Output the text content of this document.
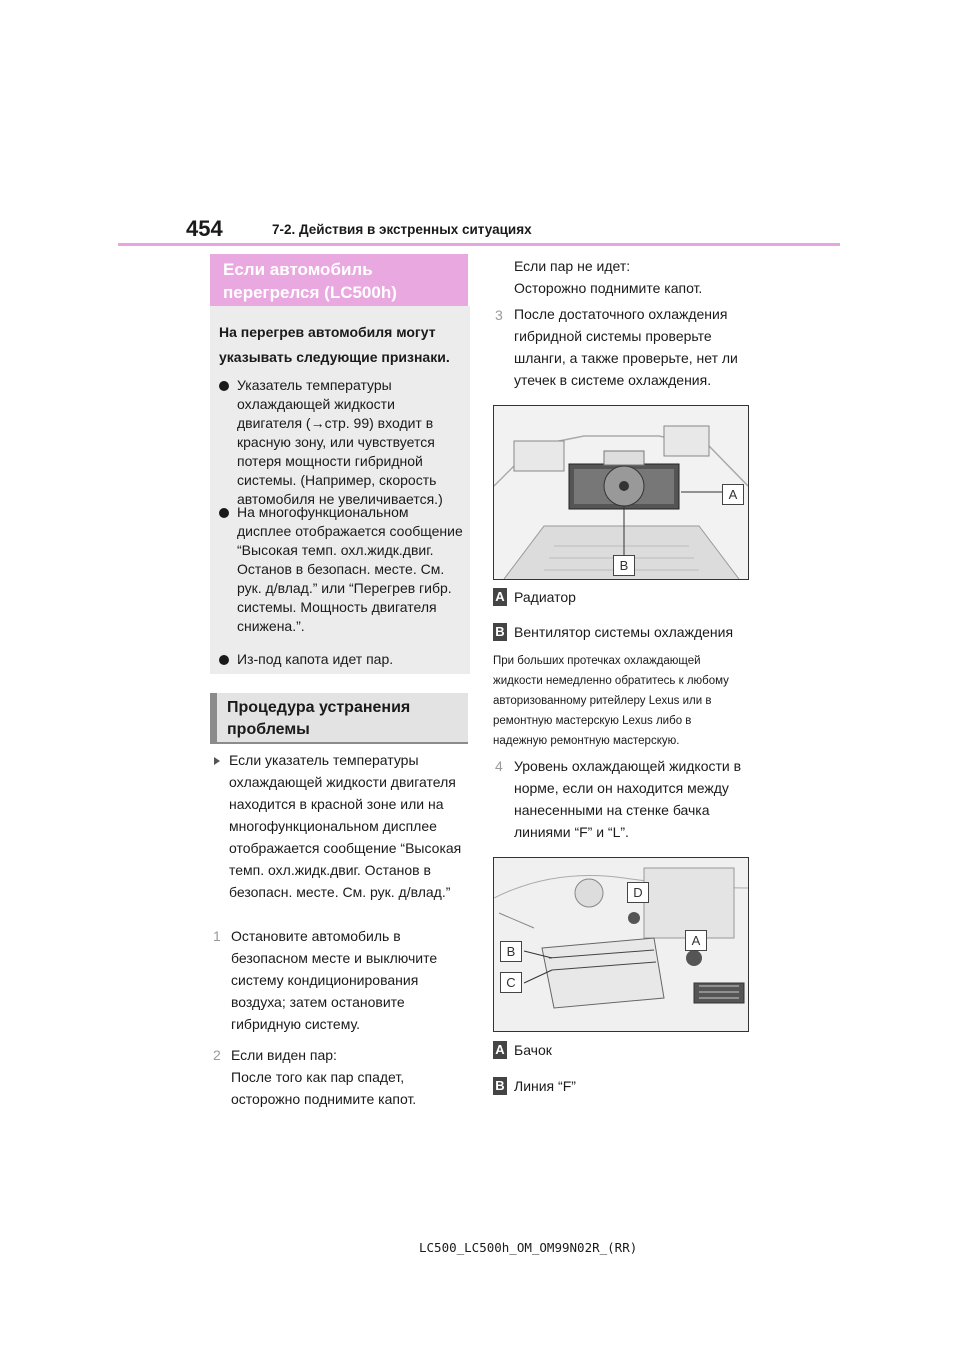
454	7-2. Действия в экстренных ситуациях
Если автомобиль перегрелся (LC500h)
На перегрев автомобиля могут указывать следующие признаки.
Указатель температуры охлаждающей жидкости двигателя (→стр. 99) входит в красную зону, или чувствуется потеря мощности гибридной системы. (Например, скорость автомобиля не увеличивается.)
На многофункциональном дисплее отображается сообщение “Высокая темп. охл.жидк.двиг. Останов в безопасн. месте. См. рук. д/влад.” или “Перегрев гибр. системы. Мощность двигателя снижена.”.
Из-под капота идет пар.
Процедура устранения проблемы
Если указатель температуры охлаждающей жидкости двигателя находится в красной зоне или на многофункциональном дисплее отображается сообщение “Высокая темп. охл.жидк.двиг. Останов в безопасн. месте. См. рук. д/влад.”
1 Остановите автомобиль в безопасном месте и выключите систему кондиционирования воздуха; затем остановите гибридную систему.
2 Если виден пар:
После того как пар спадет, осторожно поднимите капот.
Если пар не идет:
Осторожно поднимите капот.
3 После достаточного охлаждения гибридной системы проверьте шланги, а также проверьте, нет ли утечек в системе охлаждения.
A
B
A Радиатор
B Вентилятор системы охлаждения
При больших протечках охлаждающей жидкости немедленно обратитесь к любому авторизованному ритейлеру Lexus или в ремонтную мастерскую Lexus либо в надежную ремонтную мастерскую.
4 Уровень охлаждающей жидкости в норме, если он находится между нанесенными на стенке бачка линиями “F” и “L”.
D
A
B
C
A Бачок
B Линия “F”
LC500_LC500h_OM_OM99N02R_(RR)
